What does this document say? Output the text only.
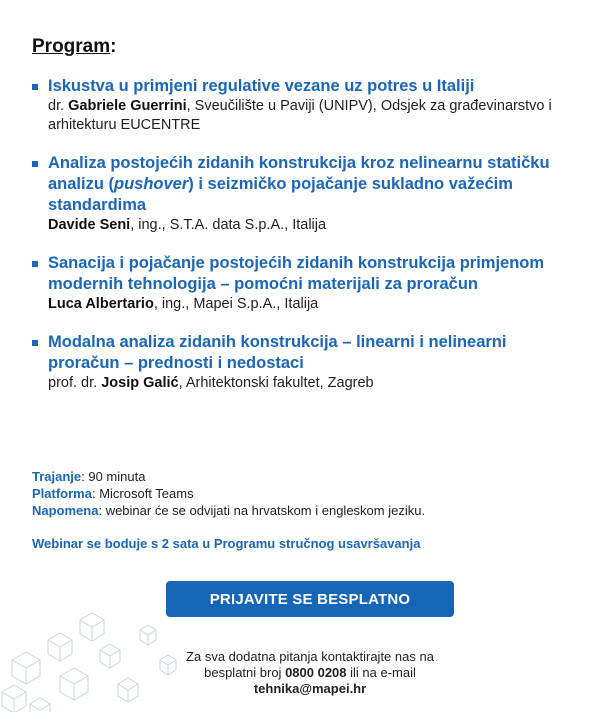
Program:
Iskustva u primjeni regulative vezane uz potres u Italiji
dr. Gabriele Guerrini, Sveučilište u Paviji (UNIPV), Odsjek za građevinarstvo i arhitekturu EUCENTRE
Analiza postojećih zidanih konstrukcija kroz nelinearnu statičku analizu (pushover) i seizmičko pojačanje sukladno važećim standardima
Davide Seni, ing., S.T.A. data S.p.A., Italija
Sanacija i pojačanje postojećih zidanih konstrukcija primjenom modernih tehnologija – pomoćni materijali za proračun
Luca Albertario, ing., Mapei S.p.A., Italija
Modalna analiza zidanih konstrukcija – linearni i nelinearni proračun – prednosti i nedostaci
prof. dr. Josip Galić, Arhitektonski fakultet, Zagreb
Trajanje: 90 minuta
Platforma: Microsoft Teams
Napomena: webinar će se odvijati na hrvatskom i engleskom jeziku.
Webinar se boduje s 2 sata u Programu stručnog usavršavanja
PRIJAVITE SE BESPLATNO
Za sva dodatna pitanja kontaktirajte nas na
besplatni broj 0800 0208 ili na e-mail
tehnika@mapei.hr
